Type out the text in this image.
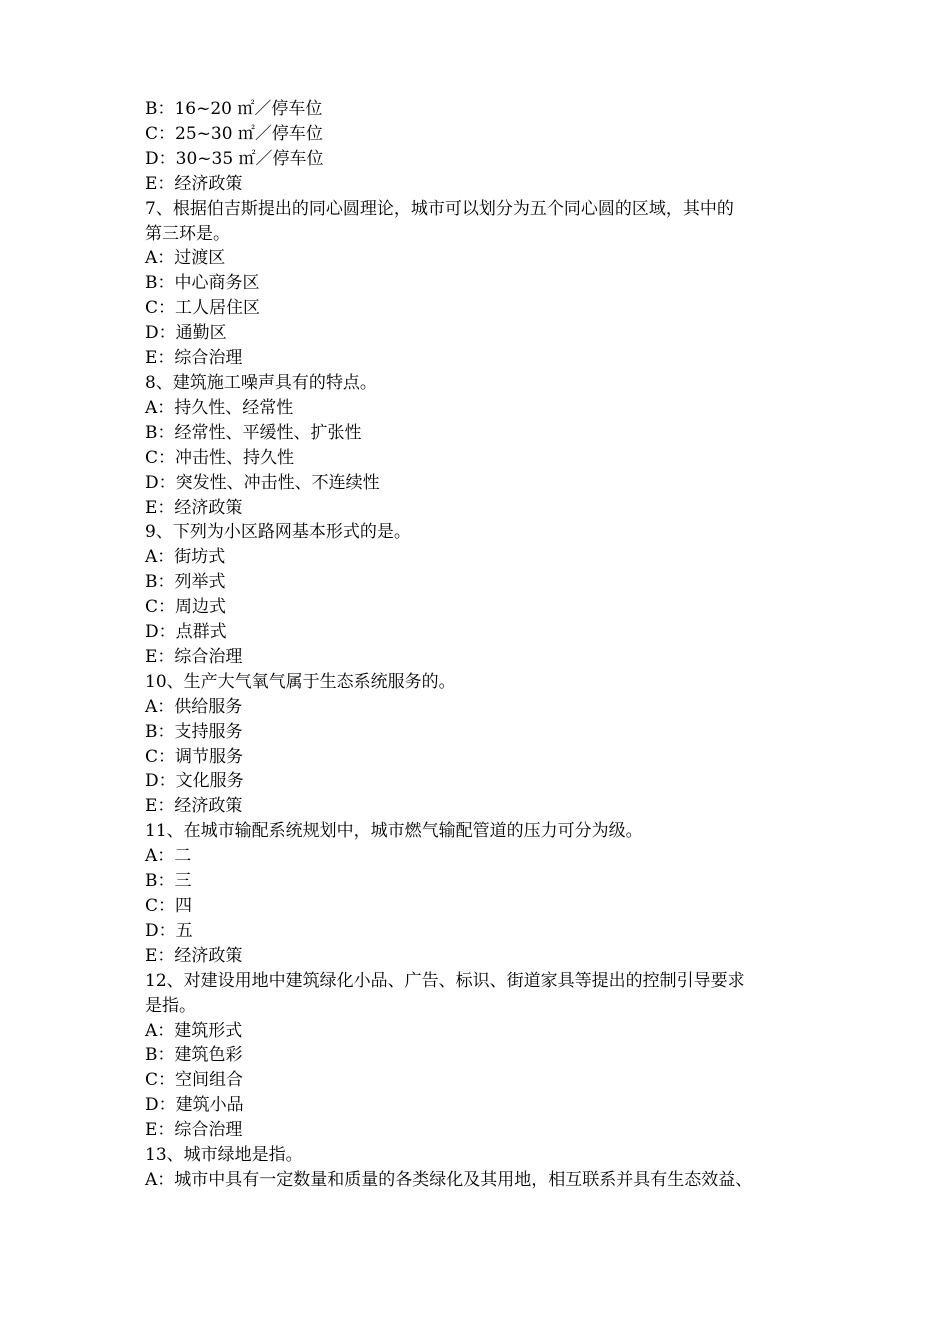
B：16~20 ㎡／停车位

C：25~30 ㎡／停车位

D：30~35 ㎡／停车位

E：经济政策

7、根据伯吉斯提出的同心圆理论，城市可以划分为五个同心圆的区域，其中的

第三环是。

A：过渡区

B：中心商务区

C：工人居住区

D：通勤区

E：综合治理

8、建筑施工噪声具有的特点。

A：持久性、经常性

B：经常性、平缓性、扩张性

C：冲击性、持久性

D：突发性、冲击性、不连续性

E：经济政策

9、下列为小区路网基本形式的是。

A：街坊式

B：列举式

C：周边式

D：点群式

E：综合治理

10、生产大气氧气属于生态系统服务的。

A：供给服务

B：支持服务

C：调节服务

D：文化服务

E：经济政策

11、在城市输配系统规划中，城市燃气输配管道的压力可分为级。

A：二

B：三

C：四

D：五

E：经济政策

12、对建设用地中建筑绿化小品、广告、标识、街道家具等提出的控制引导要求

是指。

A：建筑形式

B：建筑色彩

C：空间组合

D：建筑小品

E：综合治理

13、城市绿地是指。

A：城市中具有一定数量和质量的各类绿化及其用地，相互联系并具有生态效益、
